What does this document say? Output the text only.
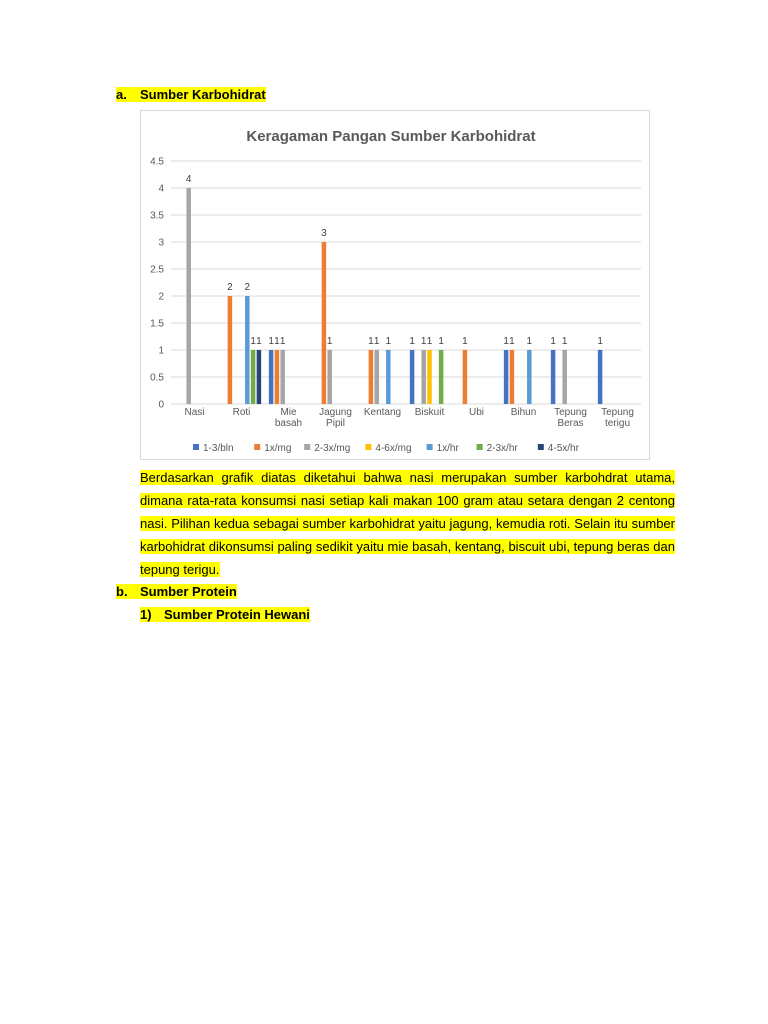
a. Sumber Karbohidrat
Keragaman Pangan Sumber Karbohidrat
0
0.5
1
1.5
2
2.5
3
3.5
4
4.5
4
Nasi
2 2
1 1
Roti
1 1 1
Mie basah
3
1
Jagung Pipil
1 1 1
Kentang
1 1 1 1
Biskuit
1
Ubi
1 1 1
Bihun
1 1
Tepung Beras
1
Tepung terigu
1-3/bln	1x/mg 2-3x/mg	4-6x/mg	1x/hr	2-3x/hr	4-5x/hr
Berdasarkan grafik diatas diketahui bahwa nasi merupakan sumber karbohdrat utama, dimana rata-rata konsumsi nasi setiap kali makan 100 gram atau setara dengan 2 centong nasi. Pilihan kedua sebagai sumber karbohidrat yaitu jagung, kemudia roti. Selain itu sumber karbohidrat dikonsumsi paling sedikit yaitu mie basah, kentang, biscuit ubi, tepung beras dan tepung terigu.
b. Sumber Protein
1) Sumber Protein Hewani
